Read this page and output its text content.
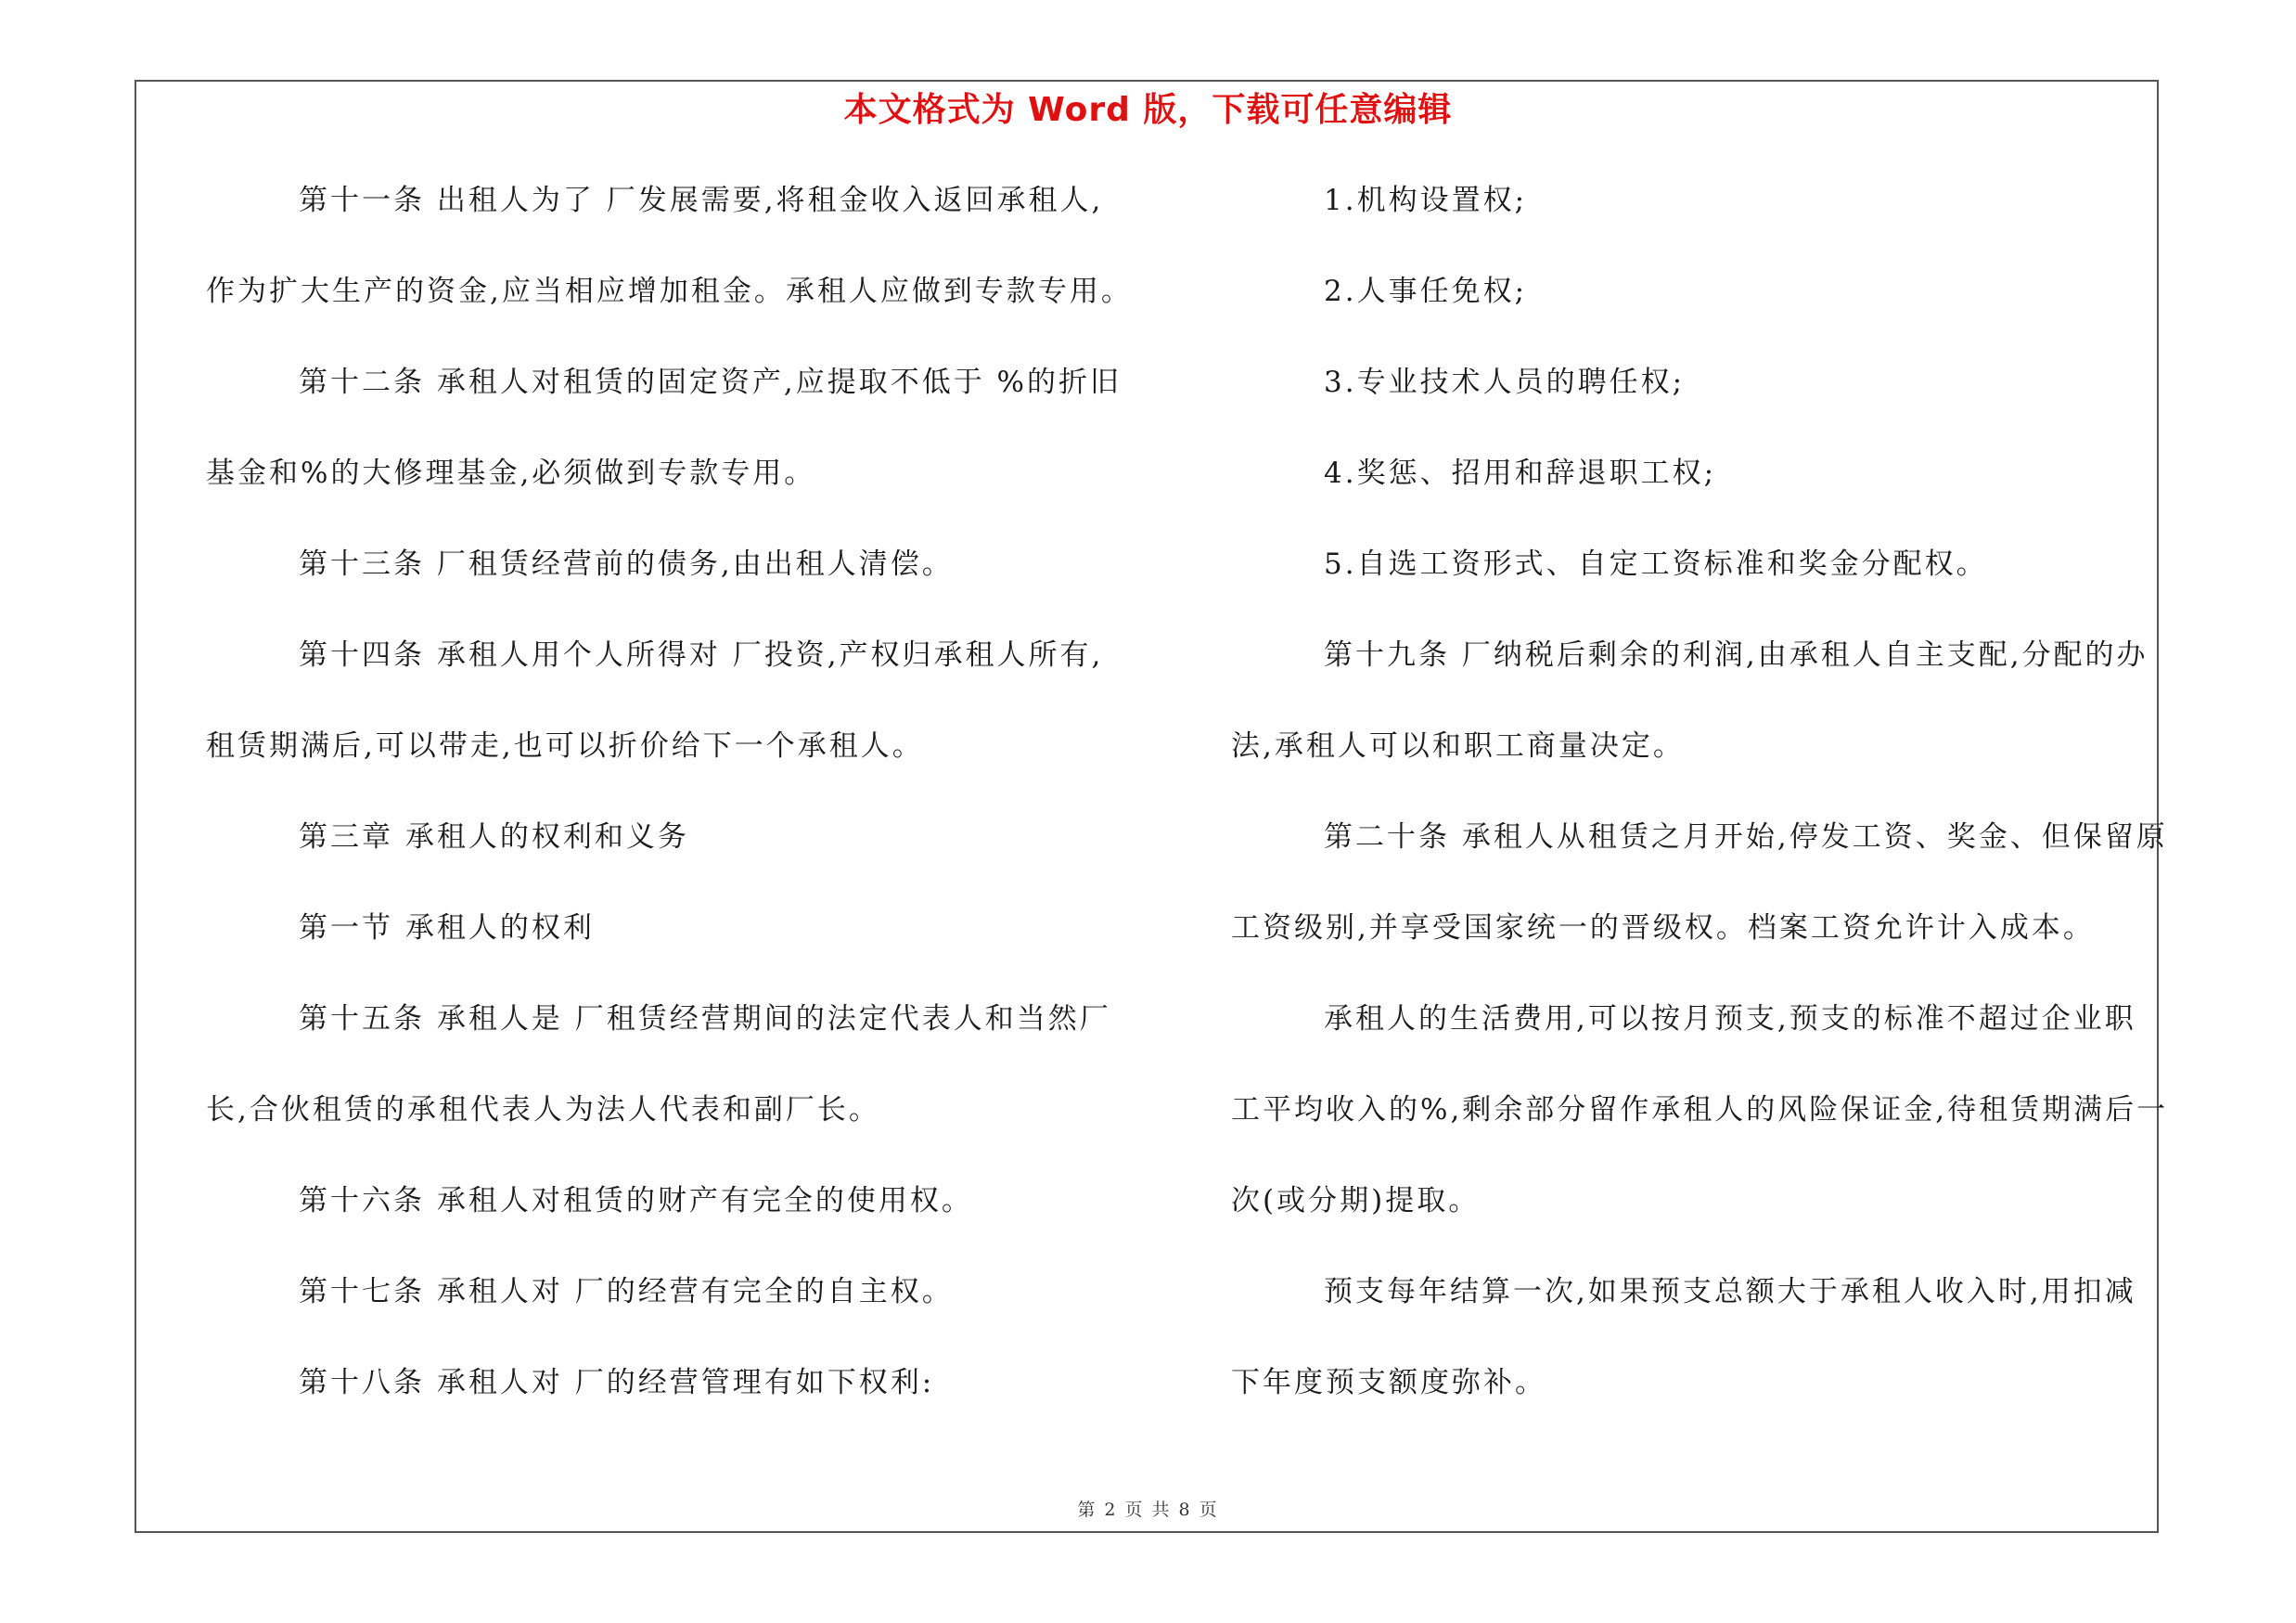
本文格式为 Word 版，下载可任意编辑
第十一条 出租人为了 厂发展需要,将租金收入返回承租人,
作为扩大生产的资金,应当相应增加租金。承租人应做到专款专用。
第十二条 承租人对租赁的固定资产,应提取不低于 %的折旧
基金和%的大修理基金,必须做到专款专用。
第十三条 厂租赁经营前的债务,由出租人清偿。
第十四条 承租人用个人所得对 厂投资,产权归承租人所有,
租赁期满后,可以带走,也可以折价给下一个承租人。
第三章 承租人的权利和义务
第一节 承租人的权利
第十五条 承租人是 厂租赁经营期间的法定代表人和当然厂
长,合伙租赁的承租代表人为法人代表和副厂长。
第十六条 承租人对租赁的财产有完全的使用权。
第十七条 承租人对 厂的经营有完全的自主权。
第十八条 承租人对 厂的经营管理有如下权利:
1.机构设置权;
2.人事任免权;
3.专业技术人员的聘任权;
4.奖惩、招用和辞退职工权;
5.自选工资形式、自定工资标准和奖金分配权。
第十九条 厂纳税后剩余的利润,由承租人自主支配,分配的办
法,承租人可以和职工商量决定。
第二十条 承租人从租赁之月开始,停发工资、奖金、但保留原
工资级别,并享受国家统一的晋级权。档案工资允许计入成本。
承租人的生活费用,可以按月预支,预支的标准不超过企业职
工平均收入的%,剩余部分留作承租人的风险保证金,待租赁期满后一
次(或分期)提取。
预支每年结算一次,如果预支总额大于承租人收入时,用扣减
下年度预支额度弥补。
第 2 页 共 8 页
